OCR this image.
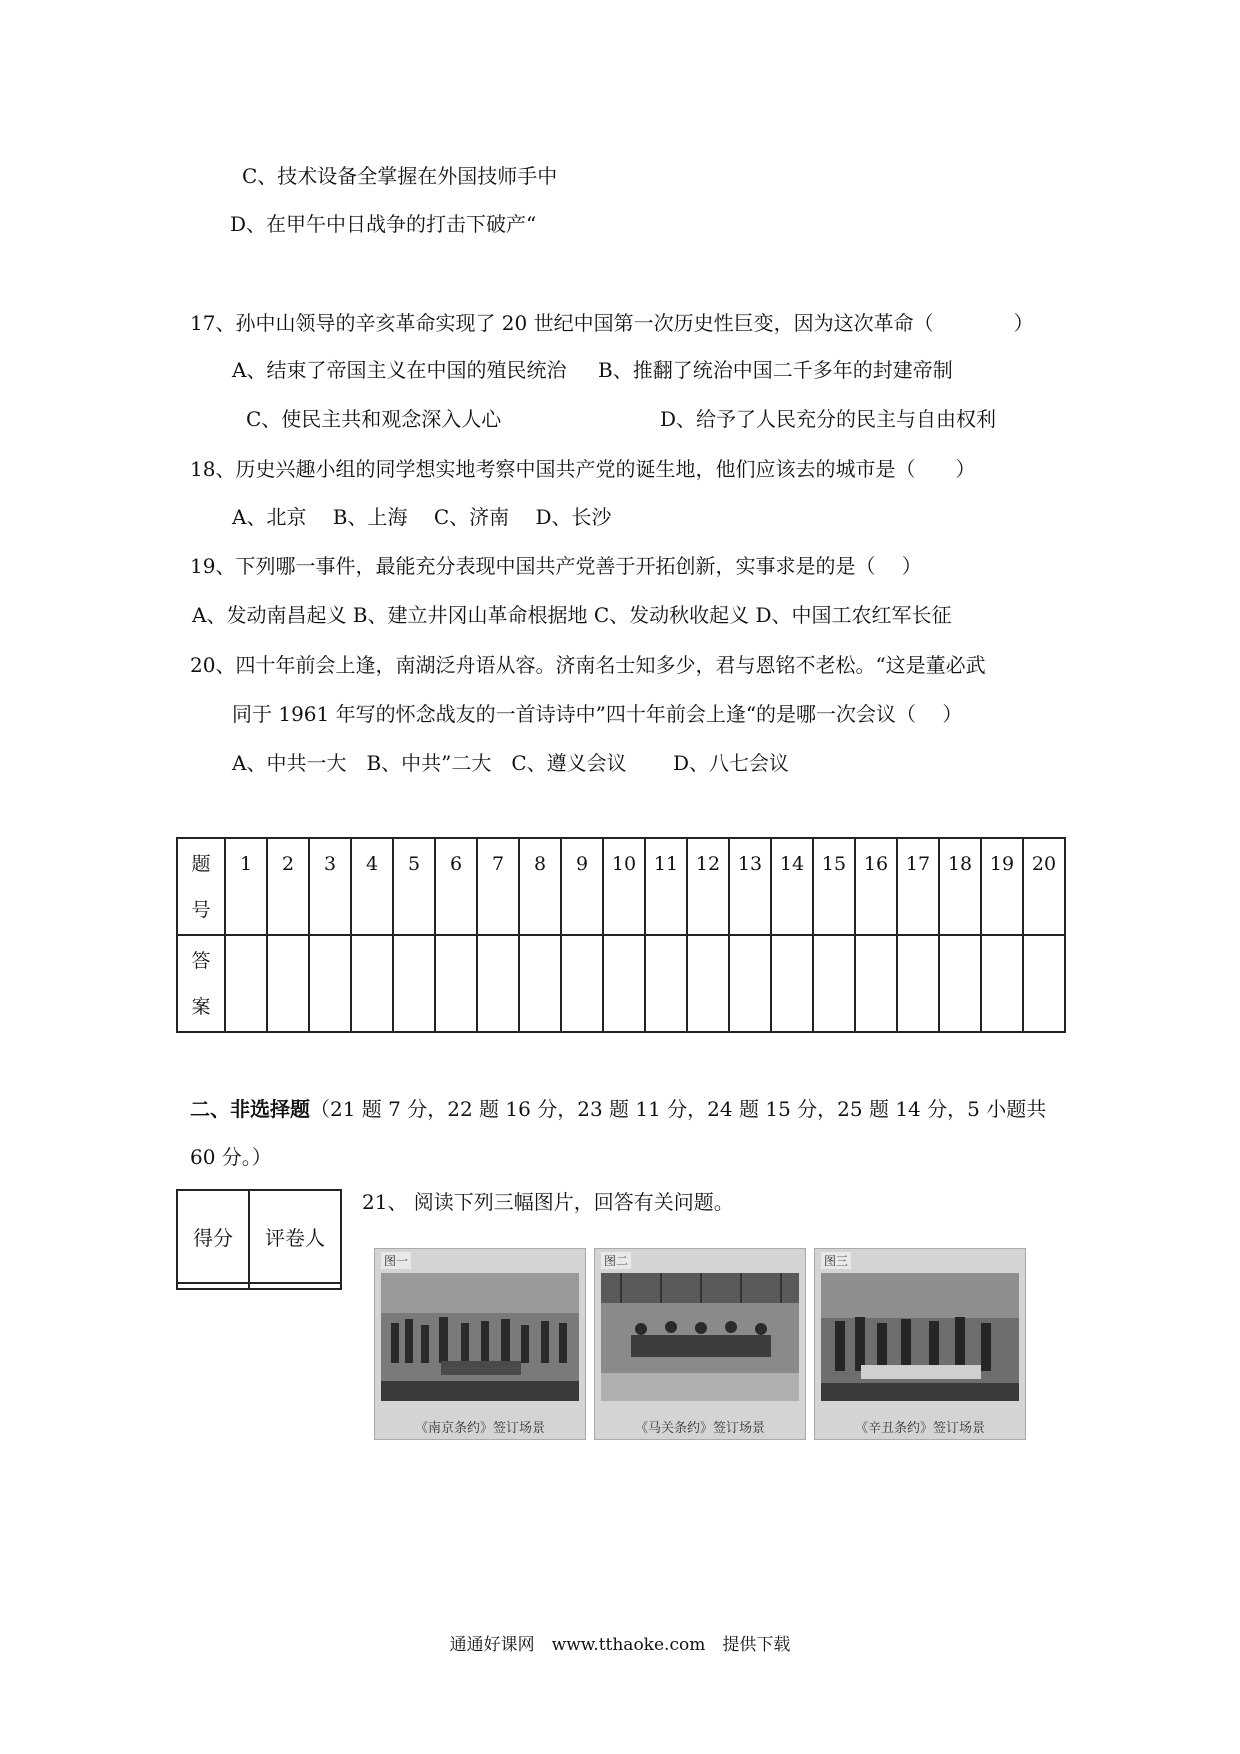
C、技术设备全掌握在外国技师手中
D、在甲午中日战争的打击下破产“
17、孙中山领导的辛亥革命实现了 20 世纪中国第一次历史性巨变，因为这次革命（　　　　）
A、结束了帝国主义在中国的殖民统治 B、推翻了统治中国二千多年的封建帝制
C、使民主共和观念深入人心	D、给予了人民充分的民主与自由权利
18、历史兴趣小组的同学想实地考察中国共产党的诞生地，他们应该去的城市是（　　）
A、北京　 B、上海　 C、济南　 D、长沙
19、下列哪一事件，最能充分表现中国共产党善于开拓创新，实事求是的是（　 ）
A、发动南昌起义 B、建立井冈山革命根据地 C、发动秋收起义 D、中国工农红军长征
20、四十年前会上逢，南湖泛舟语从容。济南名士知多少，君与恩铭不老松。“这是董必武
同于 1961 年写的怀念战友的一首诗诗中”四十年前会上逢“的是哪一次会议（　 ）
A、中共一大　B、中共”二大　C、遵义会议　　 D、八七会议
题
号	1	2	3	4	5	6	7	8	9	10	11	12	13	14	15	16	17	18	19	20
答
案																				
二、非选择题（21 题 7 分，22 题 16 分，23 题 11 分，24 题 15 分，25 题 14 分，5 小题共
60 分。）
得分	评卷人

21、 阅读下列三幅图片，回答有关问题。
图一
《南京条约》签订场景
图二
《马关条约》签订场景
图三
《辛丑条约》签订场景
通通好课网　www.tthaoke.com　提供下载
